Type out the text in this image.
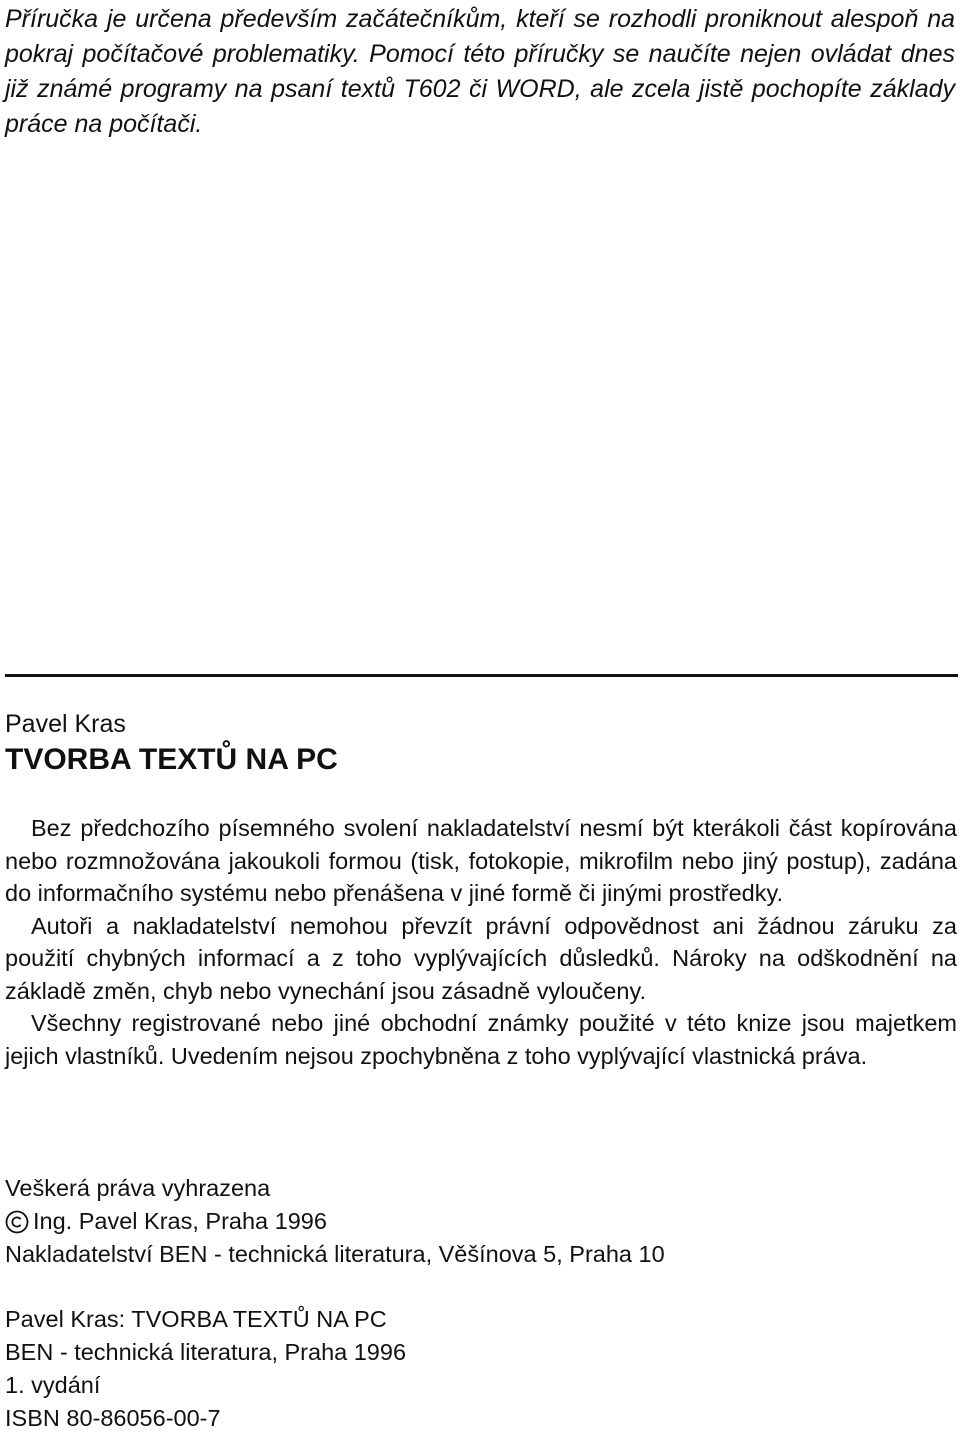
Příručka je určena především začátečníkům, kteří se rozhodli proniknout alespoň na pokraj počítačové problematiky. Pomocí této příručky se naučíte nejen ovládat dnes již známé programy na psaní textů T602 či WORD, ale zcela jistě pochopíte základy práce na počítači.

Pavel Kras

TVORBA TEXTŮ NA PC

Bez předchozího písemného svolení nakladatelství nesmí být kterákoli část kopírována nebo rozmnožována jakoukoli formou (tisk, fotokopie, mikrofilm nebo jiný postup), zadána do informačního systému nebo přenášena v jiné formě či jinými prostředky.

Autoři a nakladatelství nemohou převzít právní odpovědnost ani žádnou záruku za použití chybných informací a z toho vyplývajících důsledků. Nároky na odškodnění na základě změn, chyb nebo vynechání jsou zásadně vyloučeny.

Všechny registrované nebo jiné obchodní známky použité v této knize jsou majetkem jejich vlastníků. Uvedením nejsou zpochybněna z toho vyplývající vlastnická práva.

Veškerá práva vyhrazena
Ing. Pavel Kras, Praha 1996
Nakladatelství BEN - technická literatura, Věšínova 5, Praha 10
Pavel Kras: TVORBA TEXTŮ NA PC
BEN - technická literatura, Praha 1996
1. vydání
ISBN 80-86056-00-7
